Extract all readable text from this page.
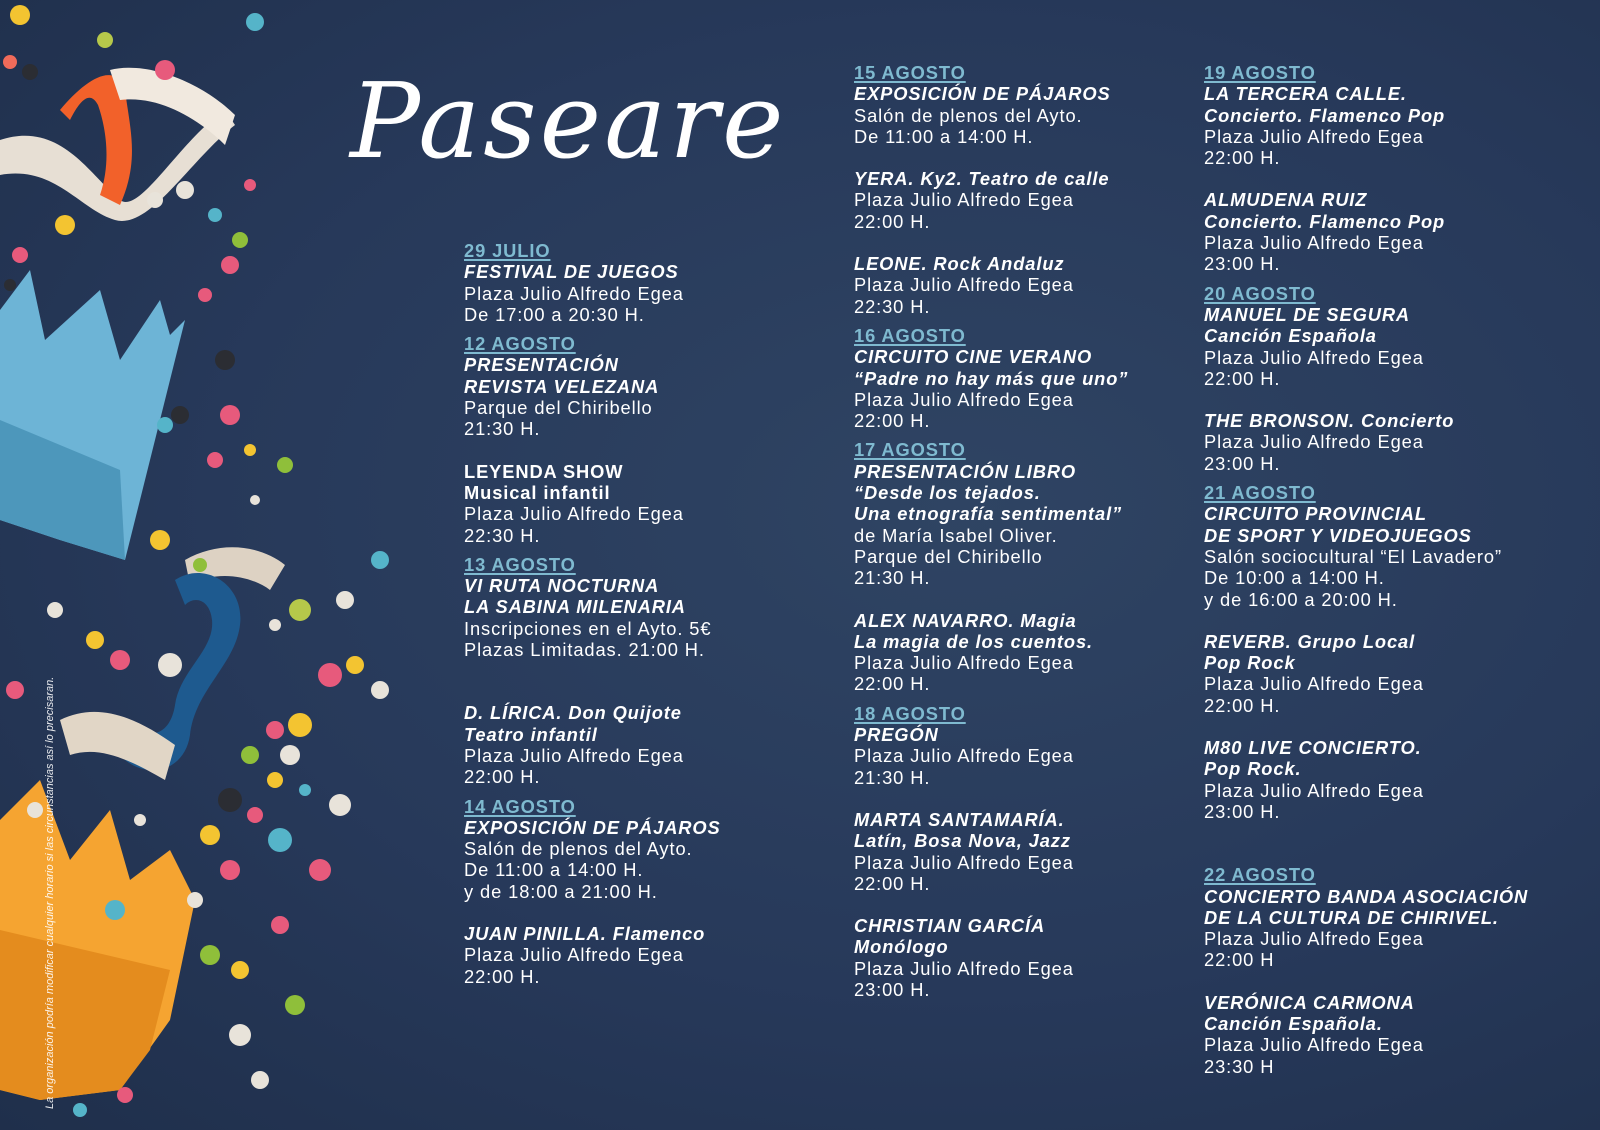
La organización podría modificar cualquier horario si las circunstancias así lo precisaran.
Paseare
29 JULIO
FESTIVAL DE JUEGOS
Plaza Julio Alfredo Egea
De 17:00 a 20:30 H.
12 AGOSTO
PRESENTACIÓN
REVISTA VELEZANA
Parque del Chiribello
21:30 H.
LEYENDA SHOW
Musical infantil
Plaza Julio Alfredo Egea
22:30 H.
13 AGOSTO
VI RUTA NOCTURNA
LA SABINA MILENARIA
Inscripciones en el Ayto. 5€
Plazas Limitadas. 21:00 H.
D. LÍRICA. Don Quijote
Teatro infantil
Plaza Julio Alfredo Egea
22:00 H.
14 AGOSTO
EXPOSICIÓN DE PÁJAROS
Salón de plenos del Ayto.
De 11:00 a 14:00 H.
y de 18:00 a 21:00 H.
JUAN PINILLA. Flamenco
Plaza Julio Alfredo Egea
22:00 H.
15 AGOSTO
EXPOSICIÓN DE PÁJAROS
Salón de plenos del Ayto.
De 11:00 a 14:00 H.
YERA. Ky2. Teatro de calle
Plaza Julio Alfredo Egea
22:00 H.
LEONE. Rock Andaluz
Plaza Julio Alfredo Egea
22:30 H.
16 AGOSTO
CIRCUITO CINE VERANO
“Padre no hay más que uno”
Plaza Julio Alfredo Egea
22:00 H.
17 AGOSTO
PRESENTACIÓN LIBRO
“Desde los tejados.
Una etnografía sentimental”
de María Isabel Oliver.
Parque del Chiribello
21:30 H.
ALEX NAVARRO. Magia
La magia de los cuentos.
Plaza Julio Alfredo Egea
22:00 H.
18 AGOSTO
PREGÓN
Plaza Julio Alfredo Egea
21:30 H.
MARTA SANTAMARÍA.
Latín, Bosa Nova, Jazz
Plaza Julio Alfredo Egea
22:00 H.
CHRISTIAN GARCÍA
Monólogo
Plaza Julio Alfredo Egea
23:00 H.
19 AGOSTO
LA TERCERA CALLE.
Concierto. Flamenco Pop
Plaza Julio Alfredo Egea
22:00 H.
ALMUDENA RUIZ
Concierto. Flamenco Pop
Plaza Julio Alfredo Egea
23:00 H.
20 AGOSTO
MANUEL DE SEGURA
Canción Española
Plaza Julio Alfredo Egea
22:00 H.
THE BRONSON. Concierto
Plaza Julio Alfredo Egea
23:00 H.
21 AGOSTO
CIRCUITO PROVINCIAL
DE SPORT Y VIDEOJUEGOS
Salón sociocultural “El Lavadero”
De 10:00 a 14:00 H.
y de 16:00 a 20:00 H.
REVERB. Grupo Local
Pop Rock
Plaza Julio Alfredo Egea
22:00 H.
M80 LIVE CONCIERTO.
Pop Rock.
Plaza Julio Alfredo Egea
23:00 H.
22 AGOSTO
CONCIERTO BANDA ASOCIACIÓN
DE LA CULTURA DE CHIRIVEL.
Plaza Julio Alfredo Egea
22:00 H
VERÓNICA CARMONA
Canción Española.
Plaza Julio Alfredo Egea
23:30 H
